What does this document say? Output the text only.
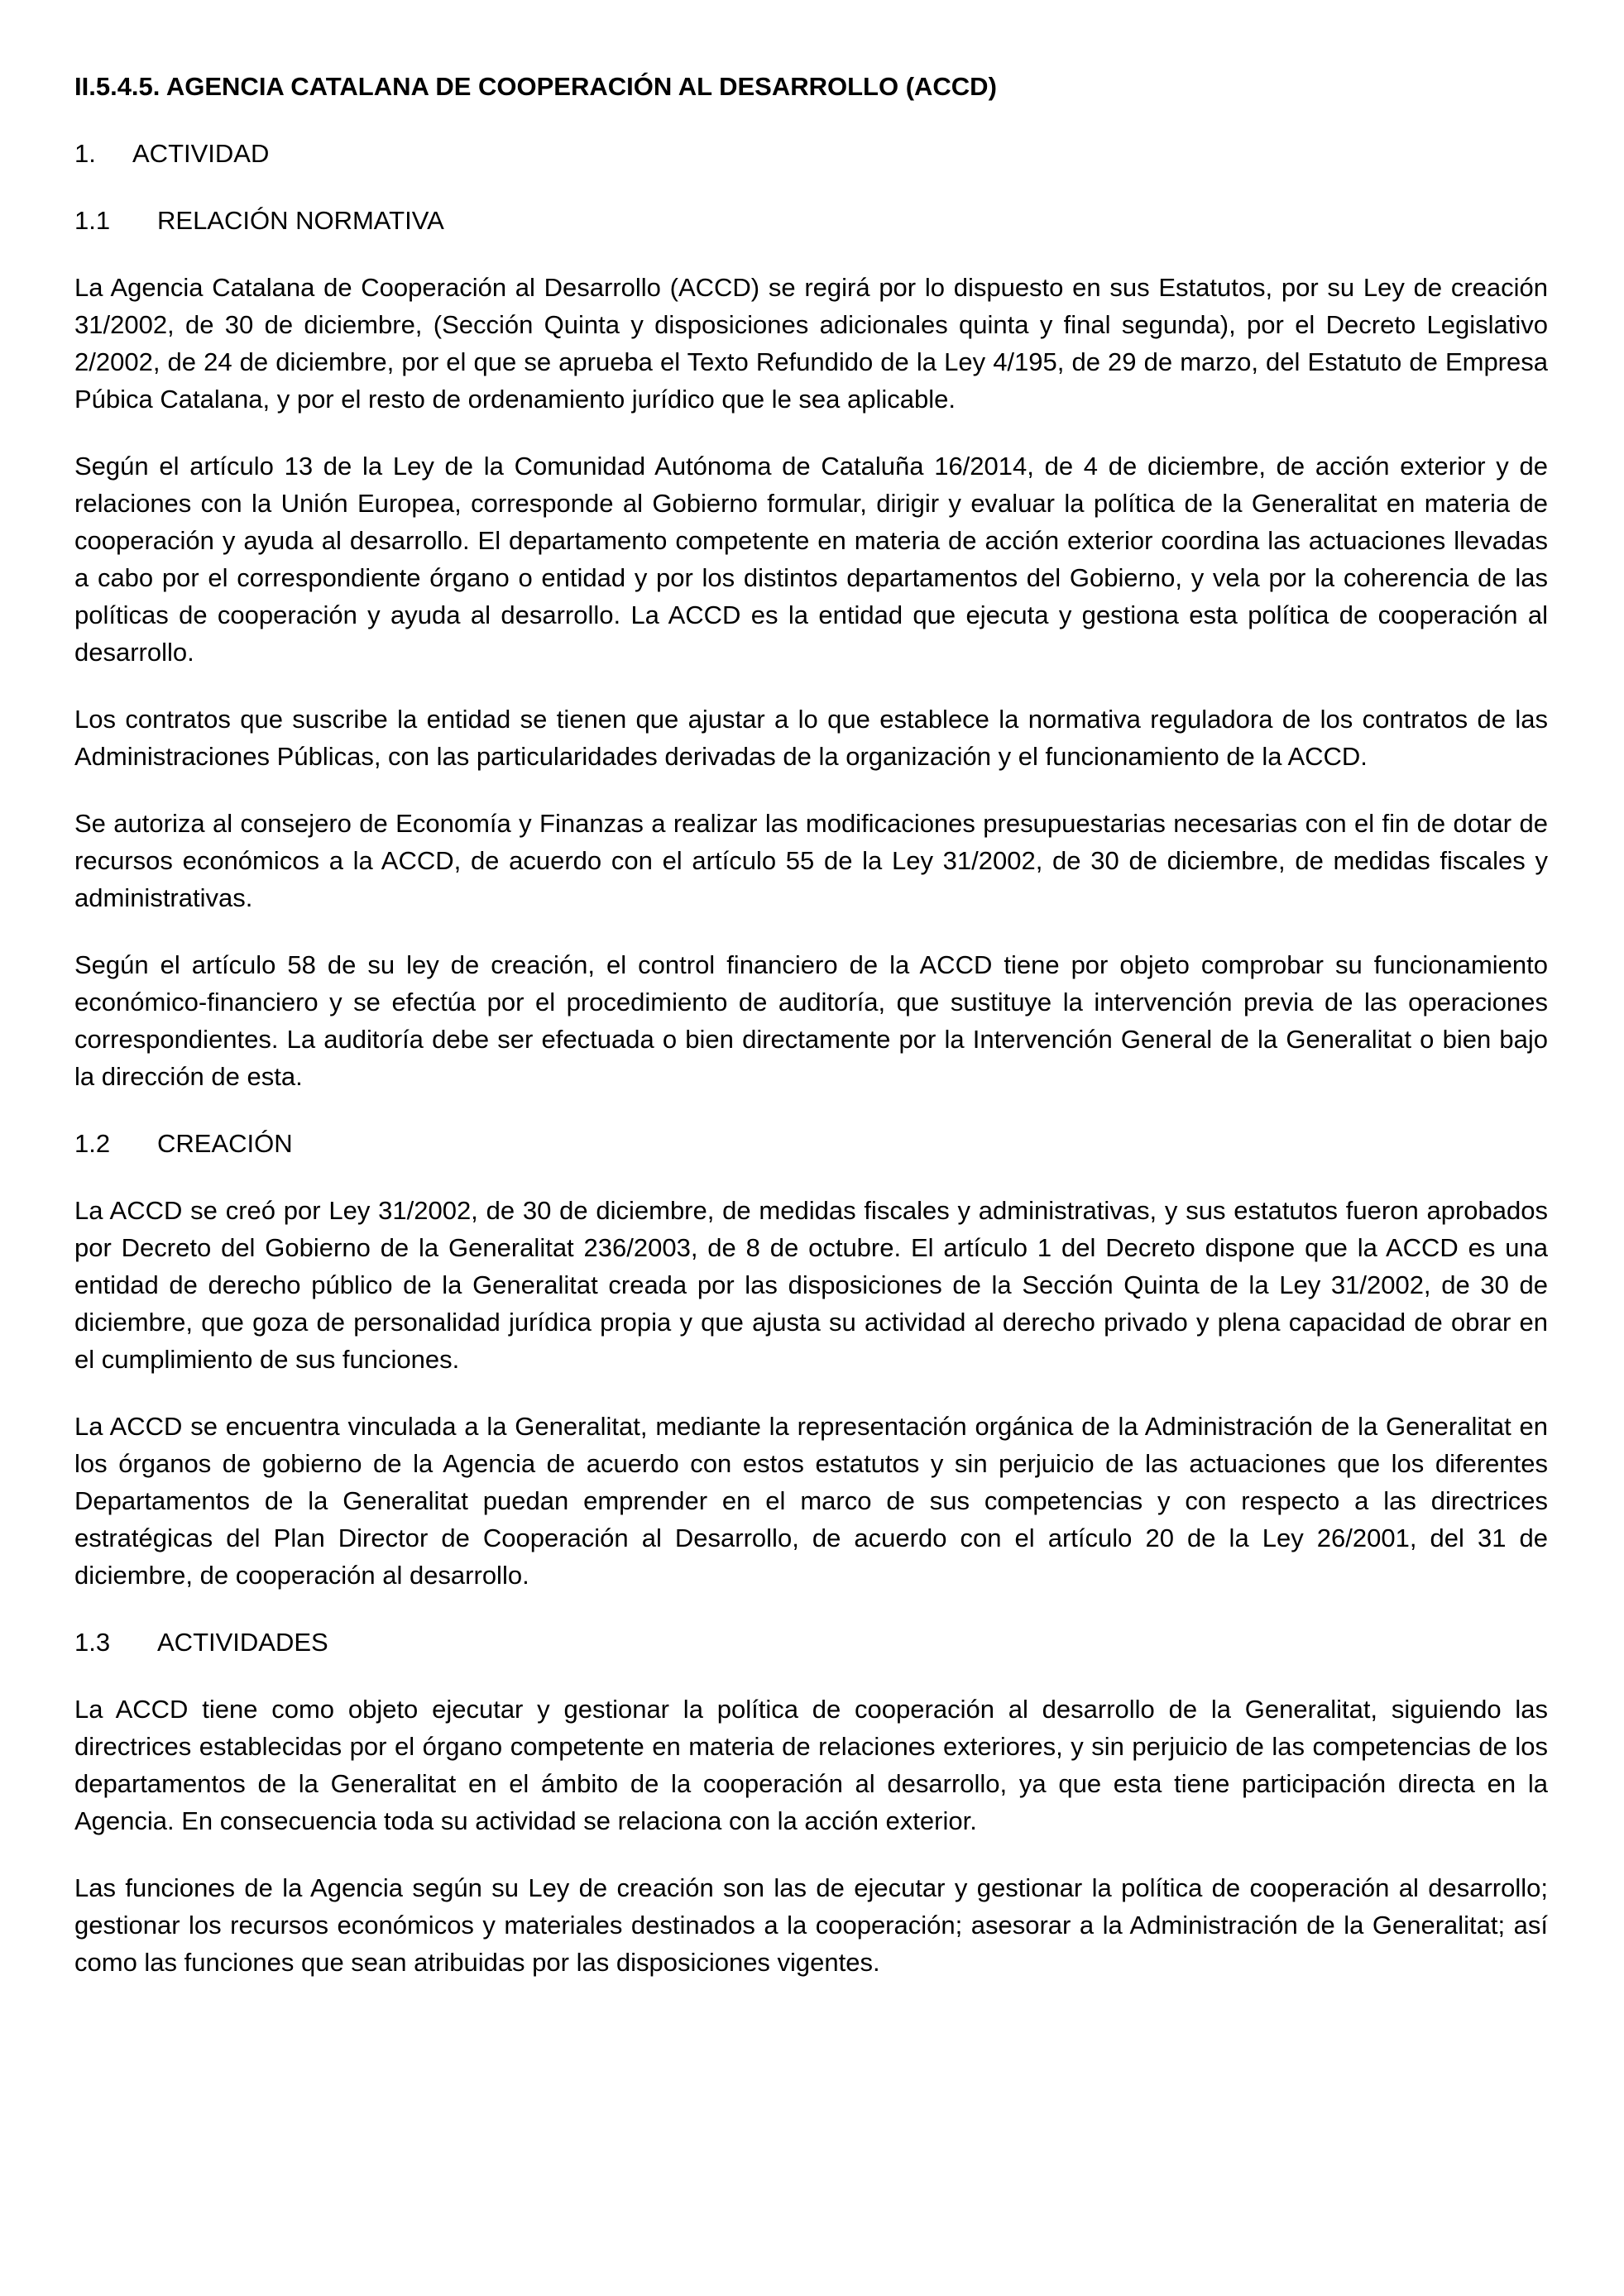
II.5.4.5. AGENCIA CATALANA DE COOPERACIÓN AL DESARROLLO (ACCD)
1. ACTIVIDAD
1.1 RELACIÓN NORMATIVA

La Agencia Catalana de Cooperación al Desarrollo (ACCD) se regirá por lo dispuesto en sus Estatutos, por su Ley de creación 31/2002, de 30 de diciembre, (Sección Quinta y disposiciones adicionales quinta y final segunda), por el Decreto Legislativo 2/2002, de 24 de diciembre, por el que se aprueba el Texto Refundido de la Ley 4/195, de 29 de marzo, del Estatuto de Empresa Púbica Catalana, y por el resto de ordenamiento jurídico que le sea aplicable.

Según el artículo 13 de la Ley de la Comunidad Autónoma de Cataluña 16/2014, de 4 de diciembre, de acción exterior y de relaciones con la Unión Europea, corresponde al Gobierno formular, dirigir y evaluar la política de la Generalitat en materia de cooperación y ayuda al desarrollo. El departamento competente en materia de acción exterior coordina las actuaciones llevadas a cabo por el correspondiente órgano o entidad y por los distintos departamentos del Gobierno, y vela por la coherencia de las políticas de cooperación y ayuda al desarrollo. La ACCD es la entidad que ejecuta y gestiona esta política de cooperación al desarrollo.

Los contratos que suscribe la entidad se tienen que ajustar a lo que establece la normativa reguladora de los contratos de las Administraciones Públicas, con las particularidades derivadas de la organización y el funcionamiento de la ACCD.

Se autoriza al consejero de Economía y Finanzas a realizar las modificaciones presupuestarias necesarias con el fin de dotar de recursos económicos a la ACCD, de acuerdo con el artículo 55 de la Ley 31/2002, de 30 de diciembre, de medidas fiscales y administrativas.

Según el artículo 58 de su ley de creación, el control financiero de la ACCD tiene por objeto comprobar su funcionamiento económico-financiero y se efectúa por el procedimiento de auditoría, que sustituye la intervención previa de las operaciones correspondientes. La auditoría debe ser efectuada o bien directamente por la Intervención General de la Generalitat o bien bajo la dirección de esta.

1.2 CREACIÓN

La ACCD se creó por Ley 31/2002, de 30 de diciembre, de medidas fiscales y administrativas, y sus estatutos fueron aprobados por Decreto del Gobierno de la Generalitat 236/2003, de 8 de octubre. El artículo 1 del Decreto dispone que la ACCD es una entidad de derecho público de la Generalitat creada por las disposiciones de la Sección Quinta de la Ley 31/2002, de 30 de diciembre, que goza de personalidad jurídica propia y que ajusta su actividad al derecho privado y plena capacidad de obrar en el cumplimiento de sus funciones.

La ACCD se encuentra vinculada a la Generalitat, mediante la representación orgánica de la Administración de la Generalitat en los órganos de gobierno de la Agencia de acuerdo con estos estatutos y sin perjuicio de las actuaciones que los diferentes Departamentos de la Generalitat puedan emprender en el marco de sus competencias y con respecto a las directrices estratégicas del Plan Director de Cooperación al Desarrollo, de acuerdo con el artículo 20 de la Ley 26/2001, del 31 de diciembre, de cooperación al desarrollo.

1.3 ACTIVIDADES

La ACCD tiene como objeto ejecutar y gestionar la política de cooperación al desarrollo de la Generalitat, siguiendo las directrices establecidas por el órgano competente en materia de relaciones exteriores, y sin perjuicio de las competencias de los departamentos de la Generalitat en el ámbito de la cooperación al desarrollo, ya que esta tiene participación directa en la Agencia. En consecuencia toda su actividad se relaciona con la acción exterior.

Las funciones de la Agencia según su Ley de creación son las de ejecutar y gestionar la política de cooperación al desarrollo; gestionar los recursos económicos y materiales destinados a la cooperación; asesorar a la Administración de la Generalitat; así como las funciones que sean atribuidas por las disposiciones vigentes.
